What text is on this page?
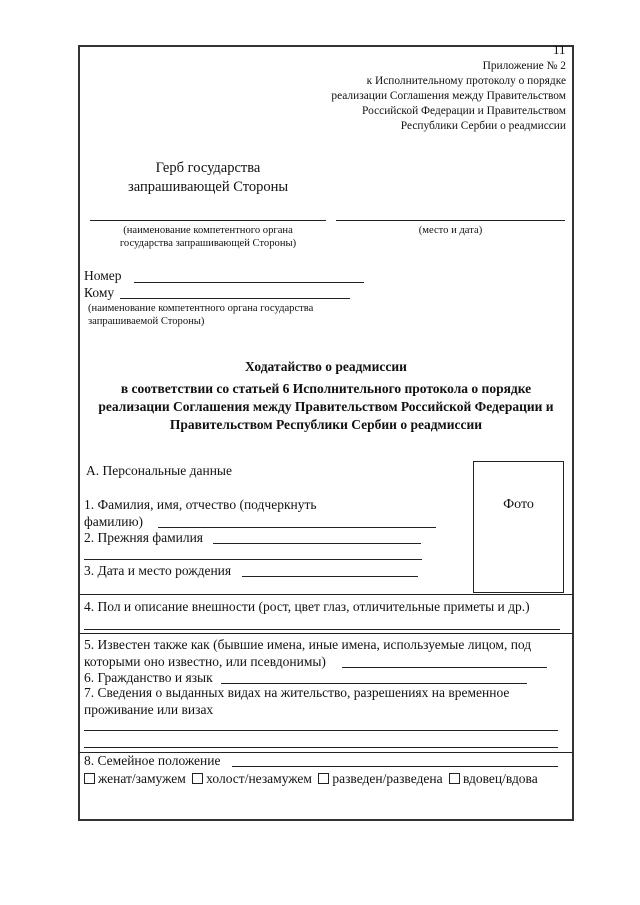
11
Приложение № 2
к Исполнительному протоколу о порядке
реализации Соглашения между Правительством
Российской Федерации и Правительством
Республики Сербии о реадмиссии
Герб государства
запрашивающей Стороны
(наименование компетентного органа
государства запрашивающей Стороны)
(место и дата)
Номер
Кому
(наименование компетентного органа государства
запрашиваемой Стороны)
Ходатайство о реадмиссии
в соответствии со статьей 6 Исполнительного протокола о порядке
реализации Соглашения между Правительством Российской Федерации и
Правительством Республики Сербии о реадмиссии
Фото
А. Персональные данные
1. Фамилия, имя, отчество (подчеркнуть
фамилию)
2. Прежняя фамилия
3. Дата и место рождения
4. Пол и описание внешности (рост, цвет глаз, отличительные приметы и др.)
5. Известен также как (бывшие имена, иные имена, используемые лицом, под
которыми оно известно, или псевдонимы)
6. Гражданство и язык
7. Сведения о выданных видах на жительство, разрешениях на временное
проживание или визах
8. Семейное положение
женат/замужем холост/незамужем разведен/разведена вдовец/вдова
